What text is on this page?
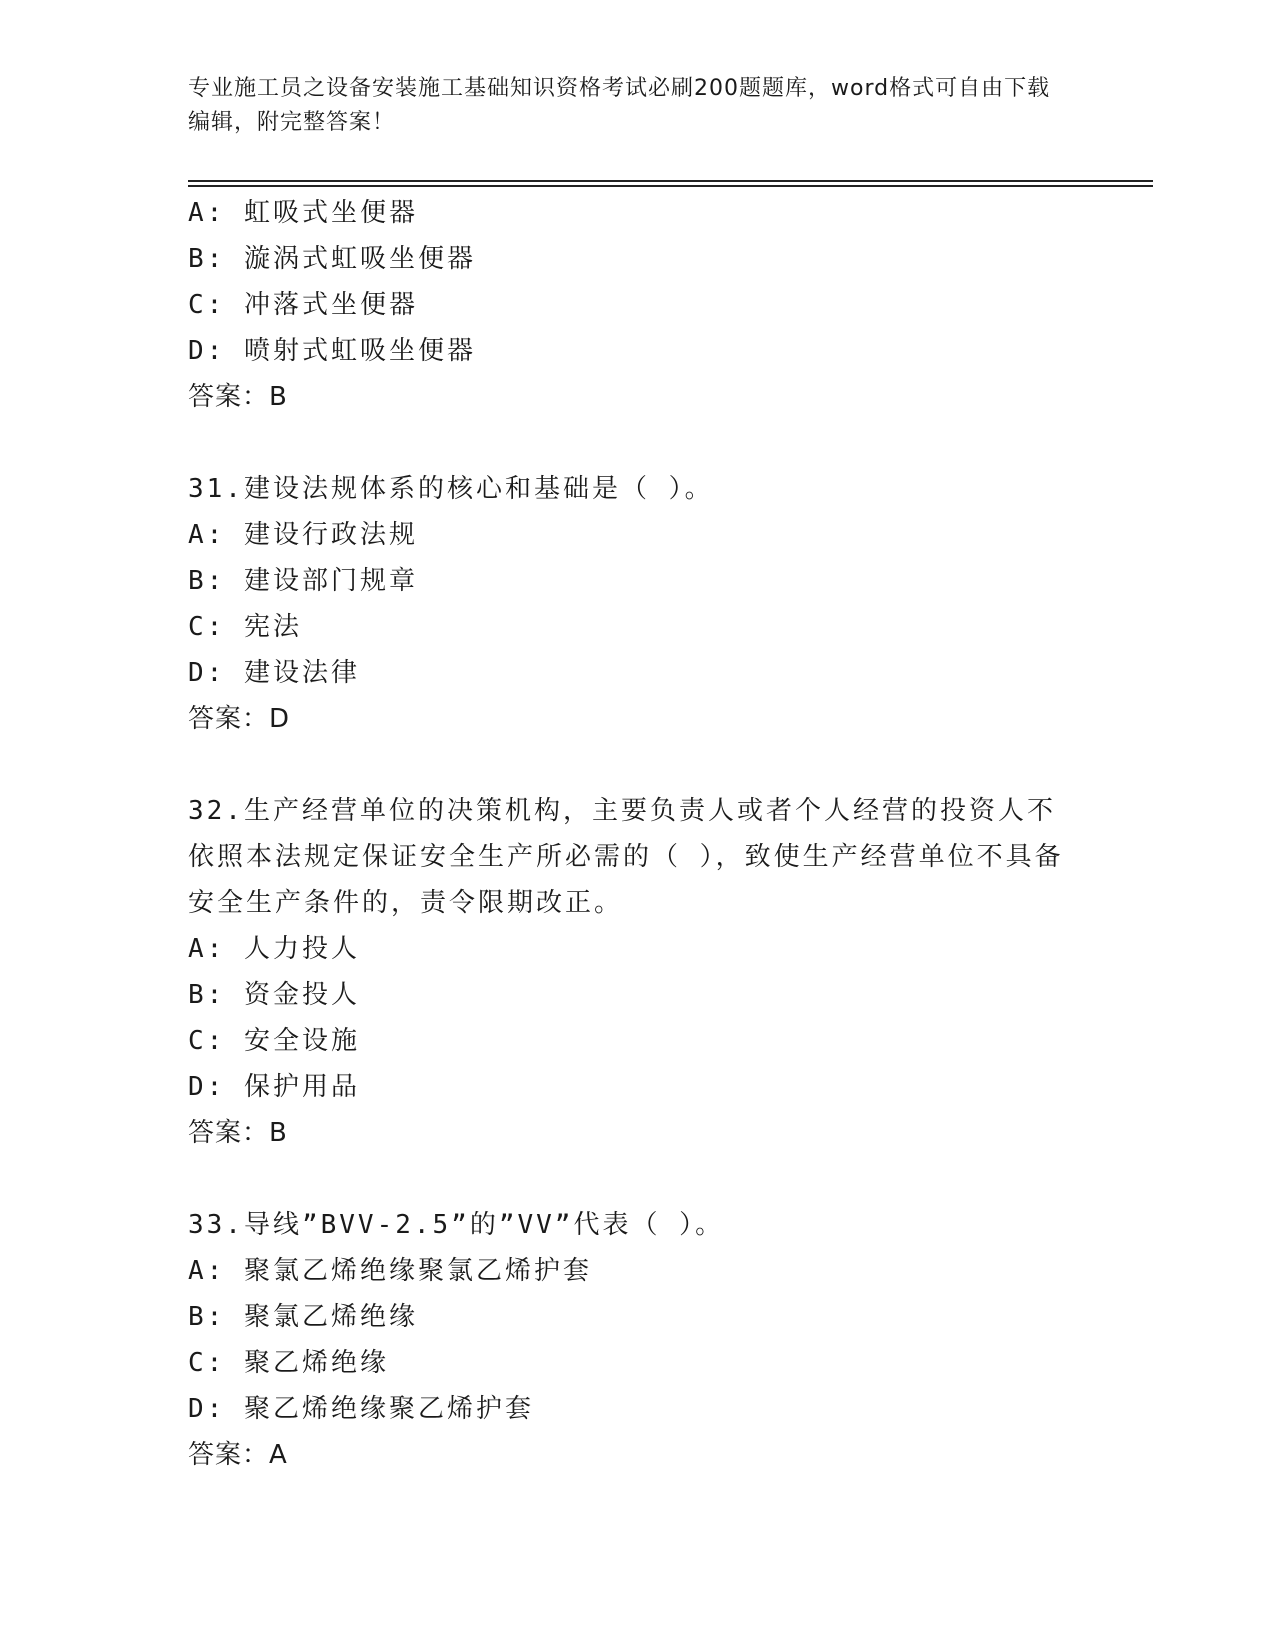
专业施工员之设备安装施工基础知识资格考试必刷200题题库，word格式可自由下载编辑，附完整答案！
A: 虹吸式坐便器
B: 漩涡式虹吸坐便器
C: 冲落式坐便器
D: 喷射式虹吸坐便器
答案：B
31.建设法规体系的核心和基础是（ ）。
A: 建设行政法规
B: 建设部门规章
C: 宪法
D: 建设法律
答案：D
32.生产经营单位的决策机构，主要负责人或者个人经营的投资人不依照本法规定保证安全生产所必需的（ ），致使生产经营单位不具备安全生产条件的，责令限期改正。
A: 人力投人
B: 资金投人
C: 安全设施
D: 保护用品
答案：B
33.导线”BVV-2.5”的”VV”代表（ ）。
A: 聚氯乙烯绝缘聚氯乙烯护套
B: 聚氯乙烯绝缘
C: 聚乙烯绝缘
D: 聚乙烯绝缘聚乙烯护套
答案：A
